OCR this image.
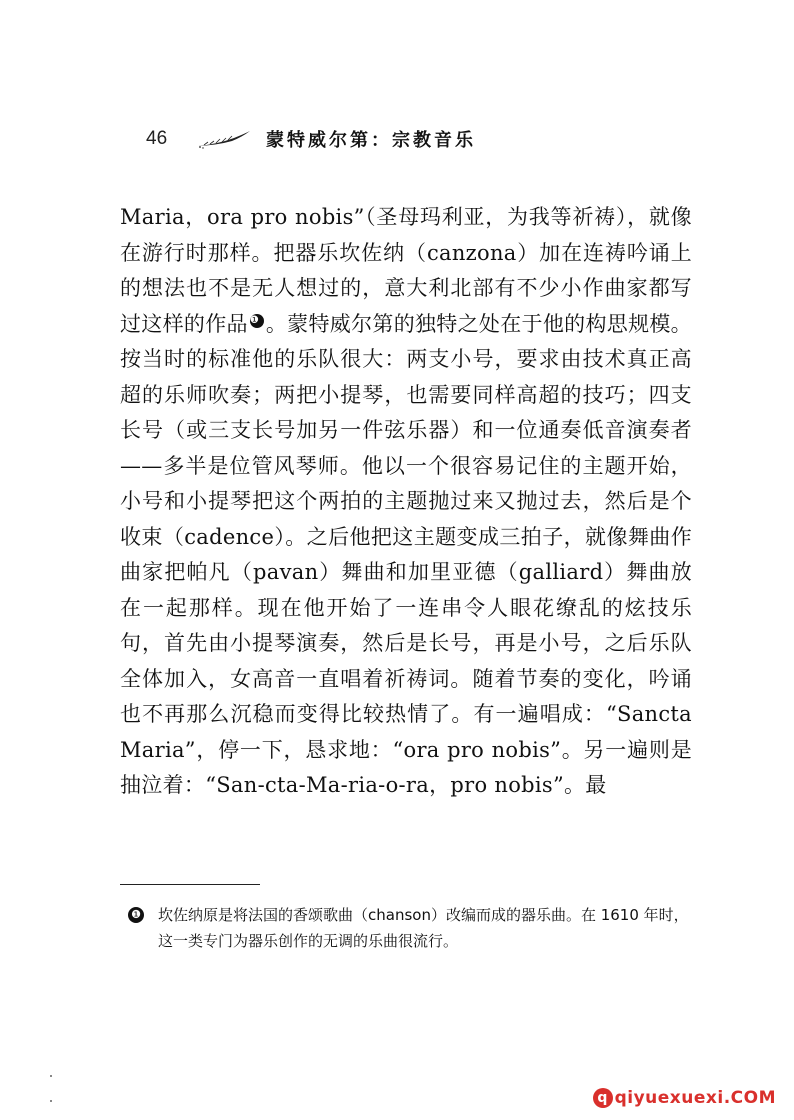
46	蒙特威尔第：宗教音乐

Maria，ora pro nobis”（圣母玛利亚，为我等祈祷），就像在游行时那样。把器乐坎佐纳（canzona）加在连祷吟诵上的想法也不是无人想过的，意大利北部有不少小作曲家都写过这样的作品 ❶ 。蒙特威尔第的独特之处在于他的构思规模。按当时的标准他的乐队很大：两支小号，要求由技术真正高超的乐师吹奏；两把小提琴，也需要同样高超的技巧；四支长号（或三支长号加另一件弦乐器）和一位通奏低音演奏者——多半是位管风琴师。他以一个很容易记住的主题开始，小号和小提琴把这个两拍的主题抛过来又抛过去，然后是个收束（cadence）。之后他把这主题变成三拍子，就像舞曲作曲家把帕凡（pavan）舞曲和加里亚德（galliard）舞曲放在一起那样。现在他开始了一连串令人眼花缭乱的炫技乐句，首先由小提琴演奏，然后是长号，再是小号，之后乐队全体加入，女高音一直唱着祈祷词。随着节奏的变化，吟诵也不再那么沉稳而变得比较热情了。有一遍唱成：“Sancta Maria”，停一下，恳求地：“ora pro nobis”。另一遍则是抽泣着：“San-cta-Ma-ria-o-ra，pro nobis”。最

❶ 坎佐纳原是将法国的香颂歌曲（chanson）改编而成的器乐曲。在 1610 年时，这一类专门为器乐创作的无调的乐曲很流行。
q qiyuexuexi.COM
